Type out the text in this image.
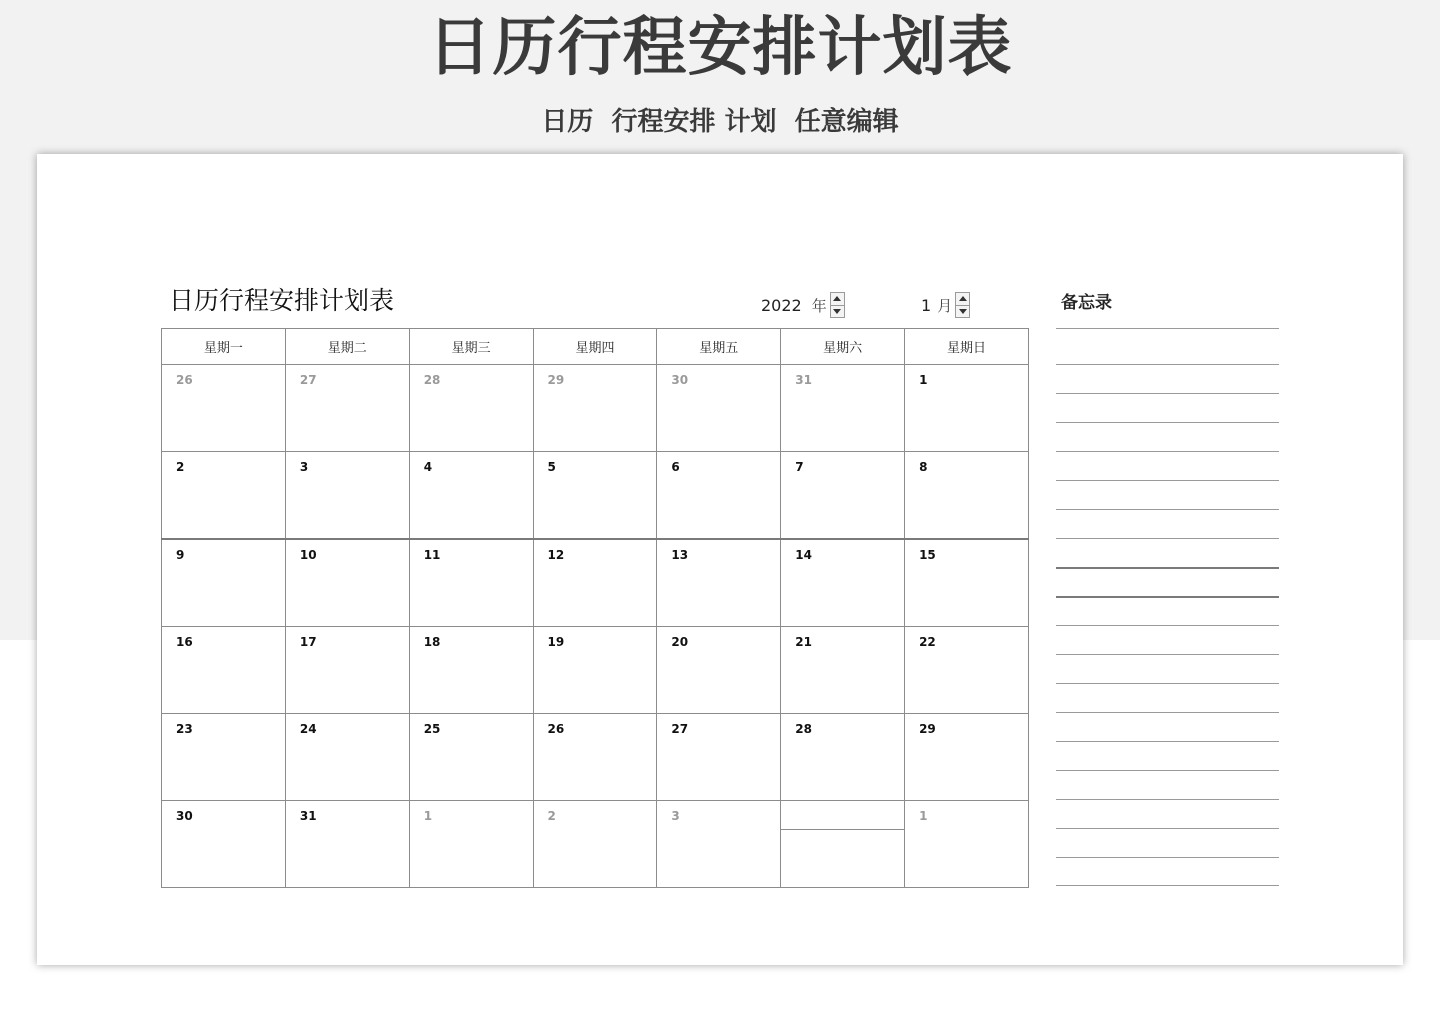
日历行程安排计划表
日历  行程安排 计划  任意编辑
日历行程安排计划表	2022 年	1 月
星期一	星期二	星期三	星期四	星期五	星期六	星期日

26	27	28	29	30	31	1

2	3	4	5	6	7	8

9	10	11	12	13	14	15

16	17	18	19	20	21	22

23	24	25	26	27	28	29

30	31	1	2	3		1
备忘录
